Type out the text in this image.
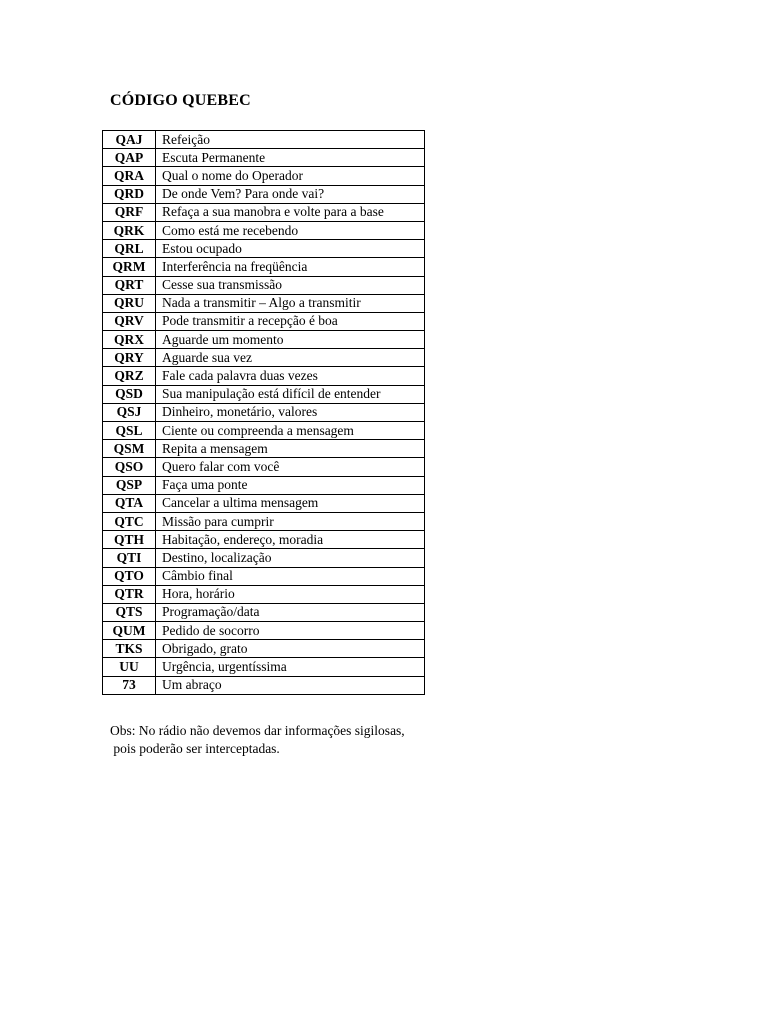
CÓDIGO QUEBEC
QAJ	Refeição
QAP	Escuta Permanente
QRA	Qual o nome do Operador
QRD	De onde Vem? Para onde vai?
QRF	Refaça a sua manobra e volte para a base
QRK	Como está me recebendo
QRL	Estou ocupado
QRM	Interferência na freqüência
QRT	Cesse sua transmissão
QRU	Nada a transmitir – Algo a transmitir
QRV	Pode transmitir a recepção é boa
QRX	Aguarde um momento
QRY	Aguarde sua vez
QRZ	Fale cada palavra duas vezes
QSD	Sua manipulação está difícil de entender
QSJ	Dinheiro, monetário, valores
QSL	Ciente ou compreenda a mensagem
QSM	Repita a mensagem
QSO	Quero falar com você
QSP	Faça uma ponte
QTA	Cancelar a ultima mensagem
QTC	Missão para cumprir
QTH	Habitação, endereço, moradia
QTI	Destino, localização
QTO	Câmbio final
QTR	Hora, horário
QTS	Programação/data
QUM	Pedido de socorro
TKS	Obrigado, grato
UU	Urgência, urgentíssima
73	Um abraço
Obs: No rádio não devemos dar informações sigilosas,
pois poderão ser interceptadas.
